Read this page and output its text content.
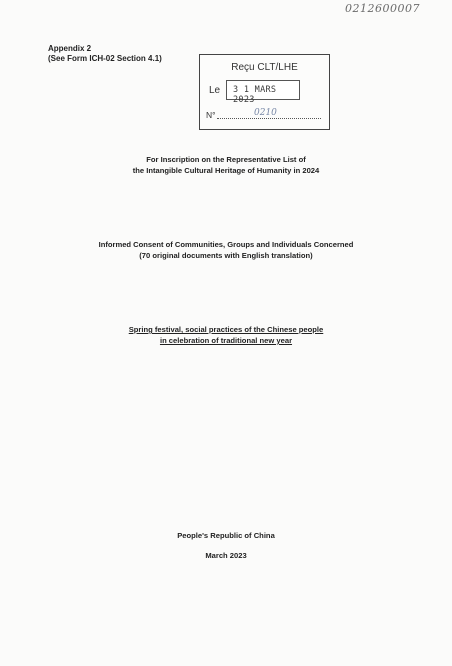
0212600007
Appendix 2
(See Form ICH-02 Section 4.1)
Reçu CLT/LHE
Le 3 1 MARS 2023
N°	0210
For Inscription on the Representative List of
the Intangible Cultural Heritage of Humanity in 2024
Informed Consent of Communities, Groups and Individuals Concerned
(70 original documents with English translation)
Spring festival, social practices of the Chinese people
in celebration of traditional new year
People's Republic of China
March 2023
